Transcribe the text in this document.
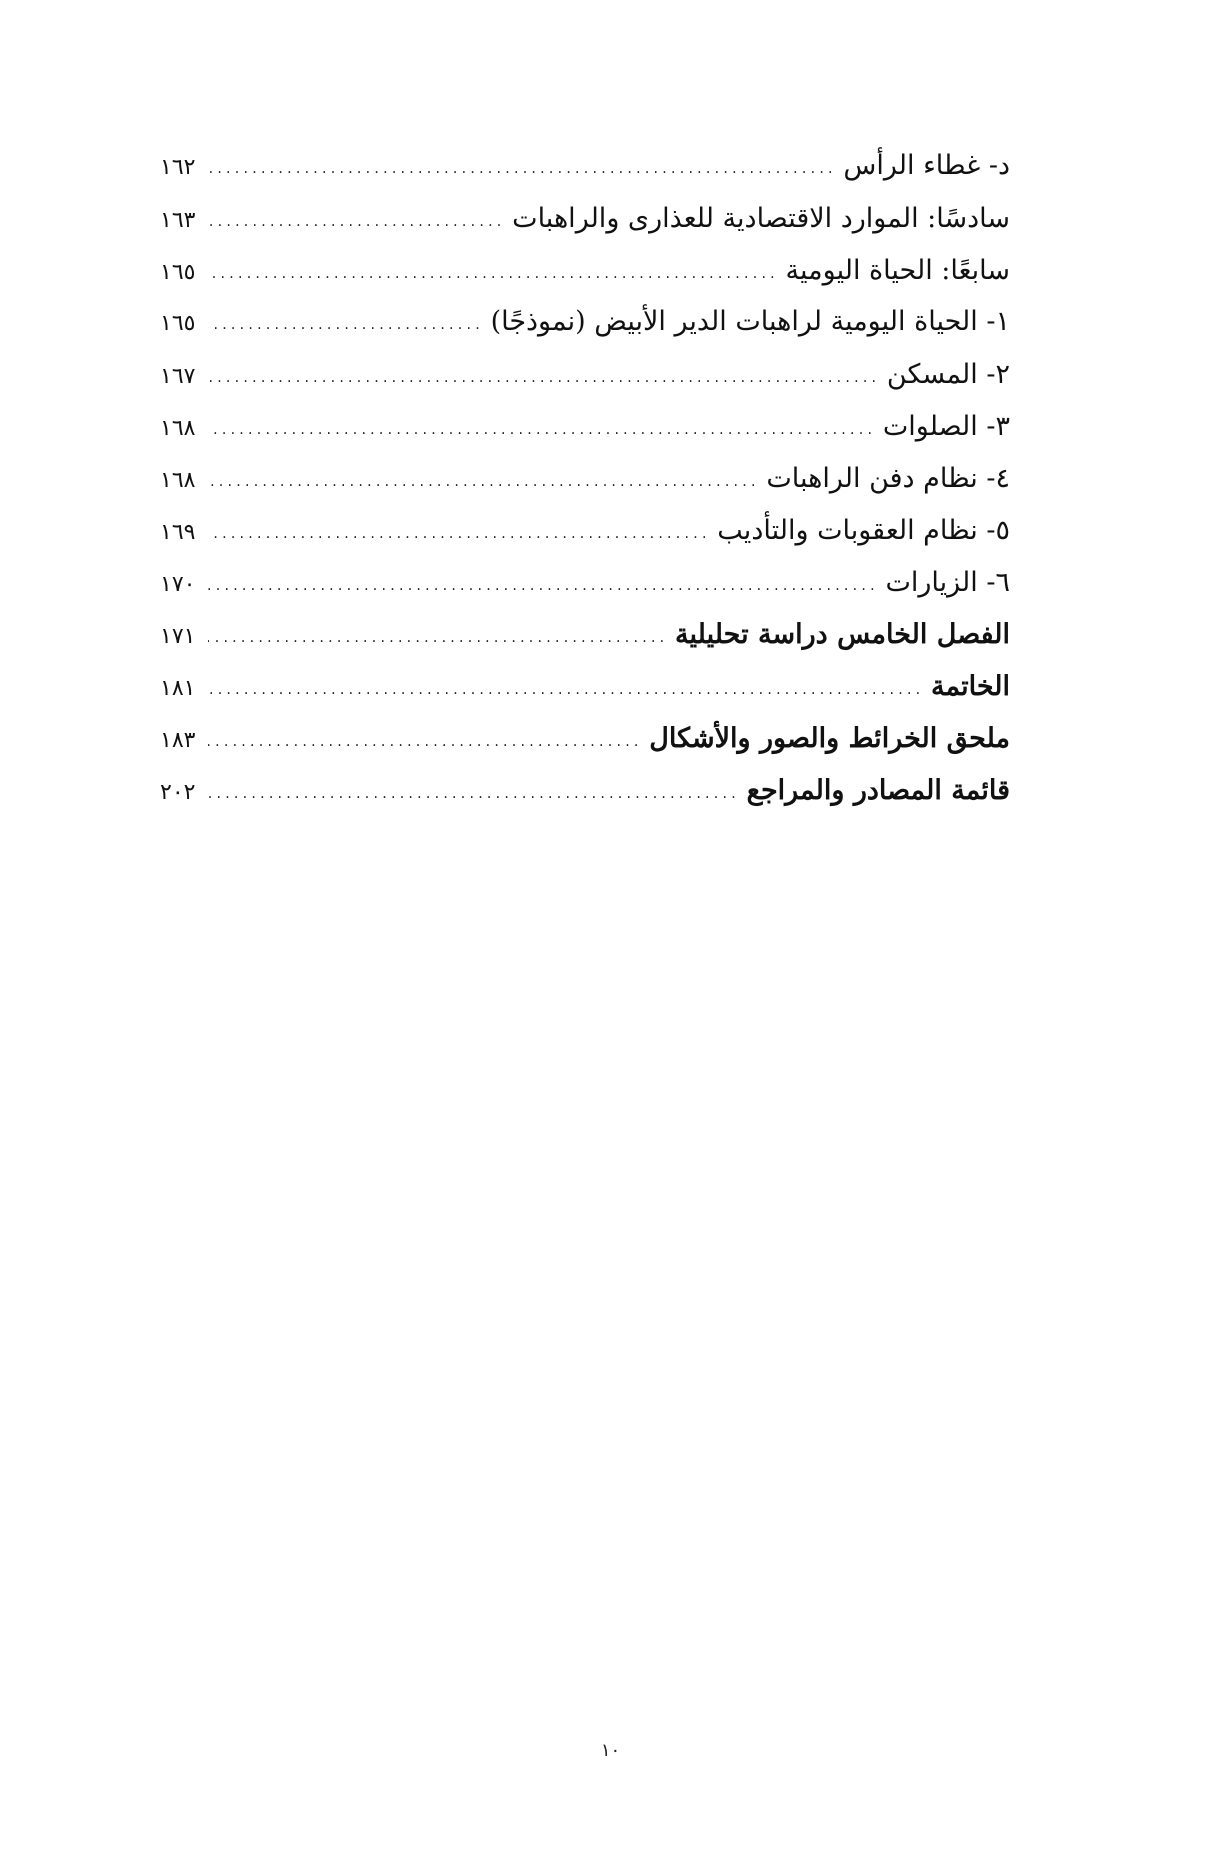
د- غطاء الرأس
.....
١٦٢
سادسًا: الموارد الاقتصادية للعذارى والراهبات
.....
١٦٣
سابعًا: الحياة اليومية
.....
١٦٥
١- الحياة اليومية لراهبات الدير الأبيض (نموذجًا)
.....
١٦٥
٢- المسكن
.....
١٦٧
٣- الصلوات
.....
١٦٨
٤- نظام دفن الراهبات
.....
١٦٨
٥- نظام العقوبات والتأديب
.....
١٦٩
٦- الزيارات
.....
١٧٠
الفصل الخامس دراسة تحليلية
.....
١٧١
الخاتمة
.....
١٨١
ملحق الخرائط والصور والأشكال
.....
١٨٣
قائمة المصادر والمراجع
.....
٢٠٢
١٠
